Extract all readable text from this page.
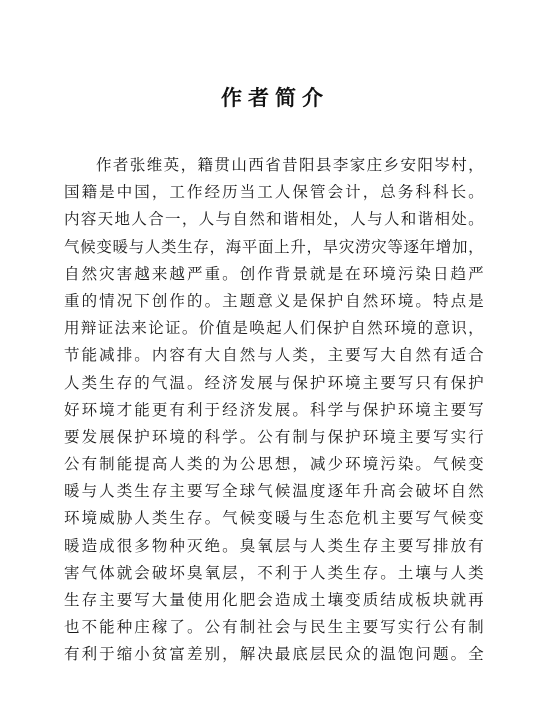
作者简介
作者张维英，籍贯山西省昔阳县李家庄乡安阳岑村，
国籍是中国，工作经历当工人保管会计，总务科科长。
内容天地人合一，人与自然和谐相处，人与人和谐相处。
气候变暖与人类生存，海平面上升，旱灾涝灾等逐年增加，
自然灾害越来越严重。创作背景就是在环境污染日趋严
重的情况下创作的。主题意义是保护自然环境。特点是
用辩证法来论证。价值是唤起人们保护自然环境的意识，
节能减排。内容有大自然与人类，主要写大自然有适合
人类生存的气温。经济发展与保护环境主要写只有保护
好环境才能更有利于经济发展。科学与保护环境主要写
要发展保护环境的科学。公有制与保护环境主要写实行
公有制能提高人类的为公思想，减少环境污染。气候变
暖与人类生存主要写全球气候温度逐年升高会破坏自然
环境威胁人类生存。气候变暖与生态危机主要写气候变
暖造成很多物种灭绝。臭氧层与人类生存主要写排放有
害气体就会破坏臭氧层，不利于人类生存。土壤与人类
生存主要写大量使用化肥会造成土壤变质结成板块就再
也不能种庄稼了。公有制社会与民生主要写实行公有制
有利于缩小贫富差别，解决最底层民众的温饱问题。全
